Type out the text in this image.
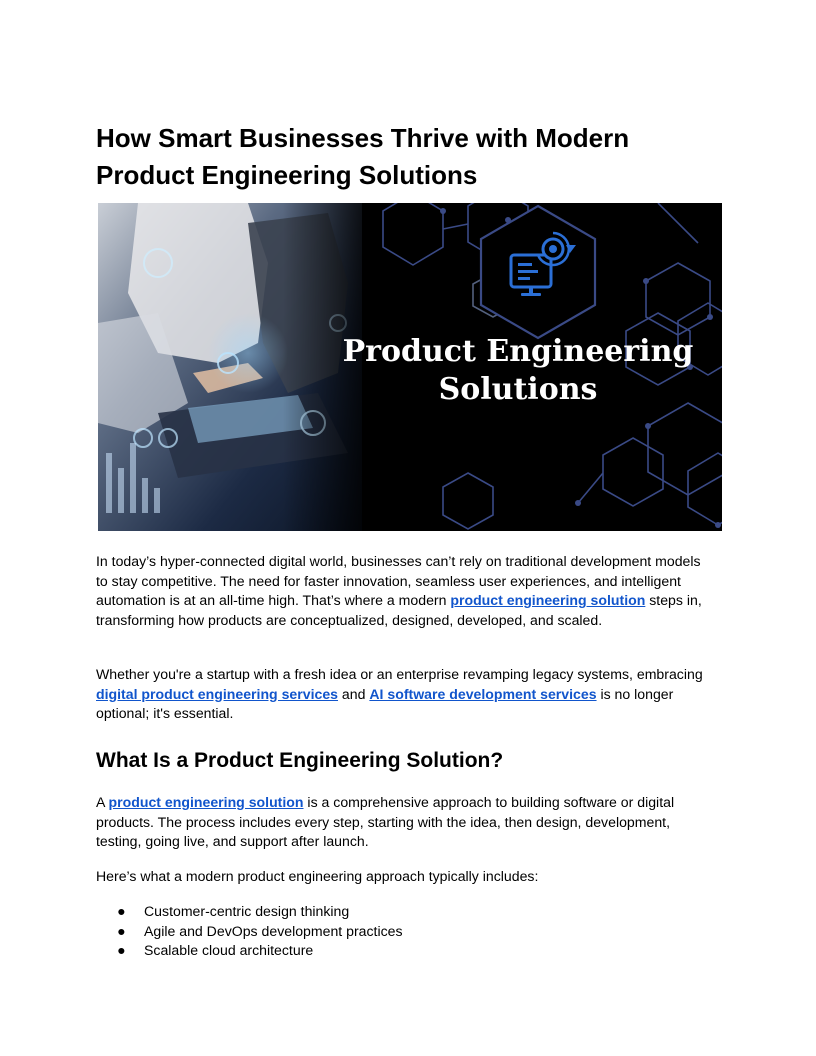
How Smart Businesses Thrive with Modern Product Engineering Solutions
Product Engineering
Solutions

In today’s hyper-connected digital world, businesses can’t rely on traditional development models to stay competitive. The need for faster innovation, seamless user experiences, and intelligent automation is at an all-time high. That’s where a modern product engineering solution steps in, transforming how products are conceptualized, designed, developed, and scaled.

Whether you're a startup with a fresh idea or an enterprise revamping legacy systems, embracing digital product engineering services and AI software development services is no longer optional; it's essential.

What Is a Product Engineering Solution?

A product engineering solution is a comprehensive approach to building software or digital products. The process includes every step, starting with the idea, then design, development, testing, going live, and support after launch.

Here’s what a modern product engineering approach typically includes:

● Customer-centric design thinking
● Agile and DevOps development practices
● Scalable cloud architecture
